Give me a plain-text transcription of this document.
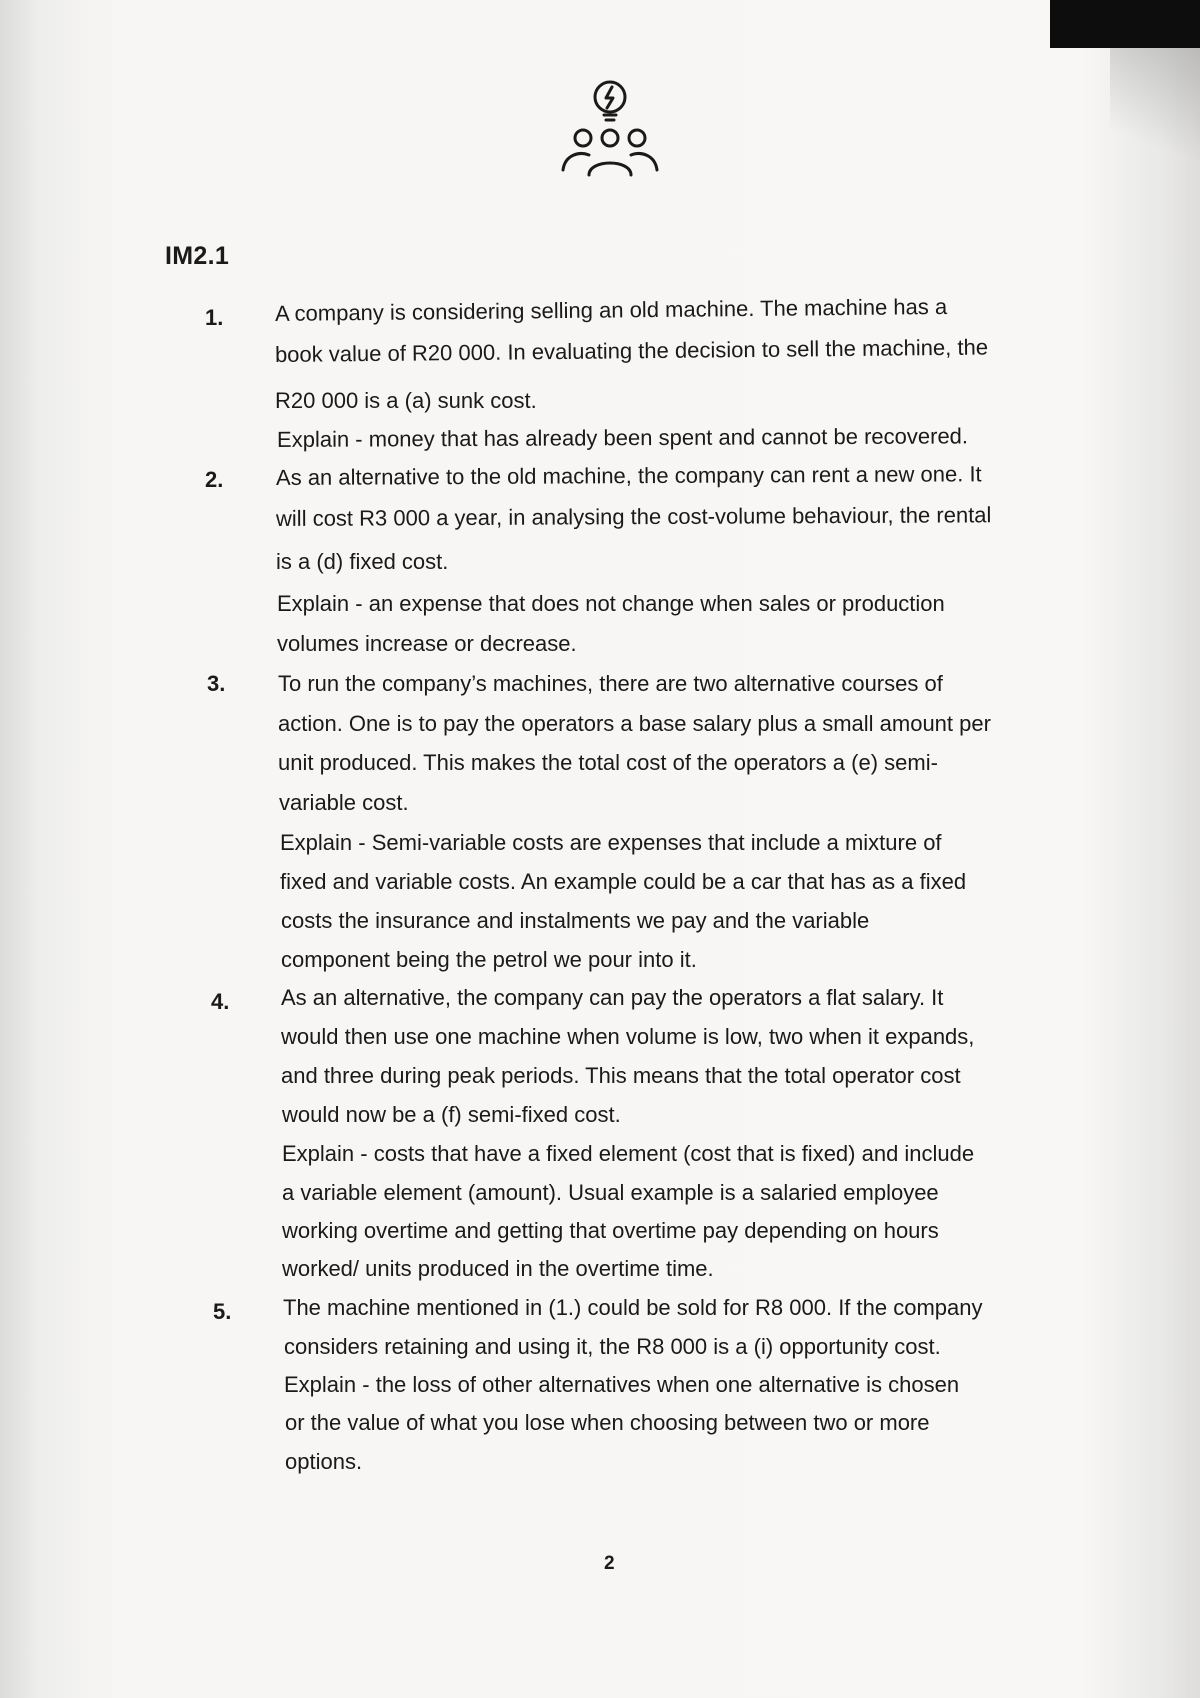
IM2.1
1. A company is considering selling an old machine. The machine has a
book value of R20 000. In evaluating the decision to sell the machine, the
R20 000 is a (a) sunk cost.
Explain - money that has already been spent and cannot be recovered.
2. As an alternative to the old machine, the company can rent a new one. It
will cost R3 000 a year, in analysing the cost-volume behaviour, the rental
is a (d) fixed cost.
Explain - an expense that does not change when sales or production
volumes increase or decrease.
3. To run the company’s machines, there are two alternative courses of
action. One is to pay the operators a base salary plus a small amount per
unit produced. This makes the total cost of the operators a (e) semi-
variable cost.
Explain - Semi-variable costs are expenses that include a mixture of
fixed and variable costs. An example could be a car that has as a fixed
costs the insurance and instalments we pay and the variable
component being the petrol we pour into it.
4. As an alternative, the company can pay the operators a flat salary. It
would then use one machine when volume is low, two when it expands,
and three during peak periods. This means that the total operator cost
would now be a (f) semi-fixed cost.
Explain - costs that have a fixed element (cost that is fixed) and include
a variable element (amount). Usual example is a salaried employee
working overtime and getting that overtime pay depending on hours
worked/ units produced in the overtime time.
5. The machine mentioned in (1.) could be sold for R8 000. If the company
considers retaining and using it, the R8 000 is a (i) opportunity cost.
Explain - the loss of other alternatives when one alternative is chosen
or the value of what you lose when choosing between two or more
options.
2
